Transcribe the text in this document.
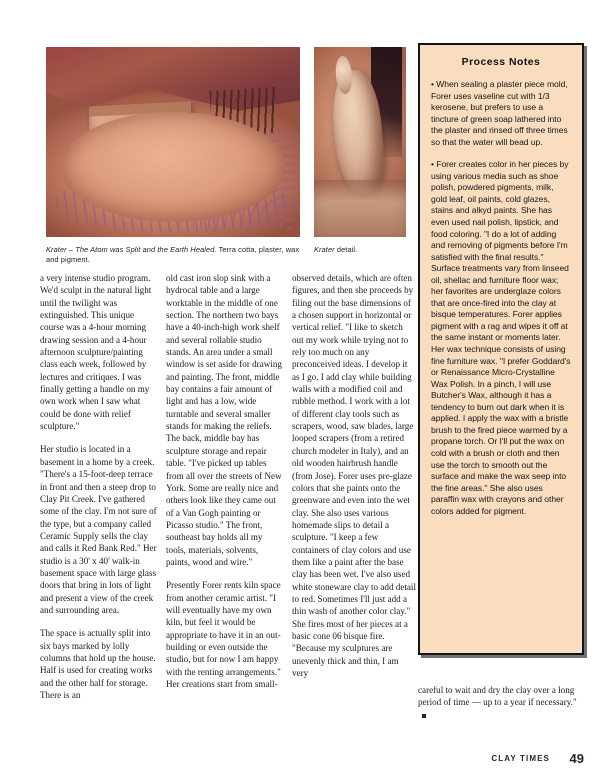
Krater – The Atom was Split and the Earth Healed. Terra cotta, plaster, wax and pigment.
Krater detail.

a very intense studio program. We'd sculpt in the natural light until the twilight was extinguished. This unique course was a 4-hour morning drawing session and a 4-hour afternoon sculpture/painting class each week, followed by lectures and critiques. I was finally getting a handle on my own work when I saw what could be done with relief sculpture."

Her studio is located in a basement in a home by a creek. "There's a 15-foot-deep terrace in front and then a steep drop to Clay Pit Creek. I've gathered some of the clay. I'm not sure of the type, but a company called Ceramic Supply sells the clay and calls it Red Bank Red." Her studio is a 30' x 40' walk-in basement space with large glass doors that bring in lots of light and present a view of the creek and surrounding area.

The space is actually split into six bays marked by lolly columns that hold up the house. Half is used for creating works and the other half for storage. There is an

old cast iron slop sink with a hydrocal table and a large worktable in the middle of one section. The northern two bays have a 40-inch-high work shelf and several rollable studio stands. An area under a small window is set aside for drawing and painting. The front, middle bay contains a fair amount of light and has a low, wide turntable and several smaller stands for making the reliefs. The back, middle bay has sculpture storage and repair table. "I've picked up tables from all over the streets of New York. Some are really nice and others look like they came out of a Van Gogh painting or Picasso studio." The front, southeast bay holds all my tools, materials, solvents, paints, wood and wire."

Presently Forer rents kiln space from another ceramic artist. "I will eventually have my own kiln, but feel it would be appropriate to have it in an out-building or even outside the studio, but for now I am happy with the renting arrangements." Her creations start from small-

observed details, which are often figures, and then she proceeds by filing out the base dimensions of a chosen support in horizontal or vertical relief. "I like to sketch out my work while trying not to rely too much on any preconceived ideas. I develop it as I go. I add clay while building walls with a modified coil and rubble method. I work with a lot of different clay tools such as scrapers, wood, saw blades, large looped scrapers (from a retired church modeler in Italy), and an old wooden hairbrush handle (from Jose). Forer uses pre-glaze colors that she paints onto the greenware and even into the wet clay. She also uses various homemade slips to detail a sculpture. "I keep a few containers of clay colors and use them like a paint after the base clay has been wet. I've also used white stoneware clay to add detail to red. Sometimes I'll just add a thin wash of another color clay." She fires most of her pieces at a basic cone 06 bisque fire. "Because my sculptures are unevenly thick and thin, I am very

careful to wait and dry the clay over a long period of time — up to a year if necessary."

Process Notes

• When sealing a plaster piece mold, Forer uses vaseline cut with 1/3 kerosene, but prefers to use a tincture of green soap lathered into the plaster and rinsed off three times so that the water will bead up.

• Forer creates color in her pieces by using various media such as shoe polish, powdered pigments, milk, gold leaf, oil paints, cold glazes, stains and alkyd paints. She has even used nail polish, lipstick, and food coloring. "I do a lot of adding and removing of pigments before I'm satisfied with the final results." Surface treatments vary from linseed oil, shellac and furniture floor wax; her favorites are underglaze colors that are once-fired into the clay at bisque temperatures. Forer applies pigment with a rag and wipes it off at the same instant or moments later. Her wax technique consists of using fine furniture wax. "I prefer Goddard's or Renaissance Micro-Crystalline Wax Polish. In a pinch, I will use Butcher's Wax, although it has a tendency to burn out dark when it is applied. I apply the wax with a bristle brush to the fired piece warmed by a propane torch. Or I'll put the wax on cold with a brush or cloth and then use the torch to smooth out the surface and make the wax seep into the fine areas." She also uses paraffin wax with crayons and other colors added for pigment.

CLAY TIMES 49
